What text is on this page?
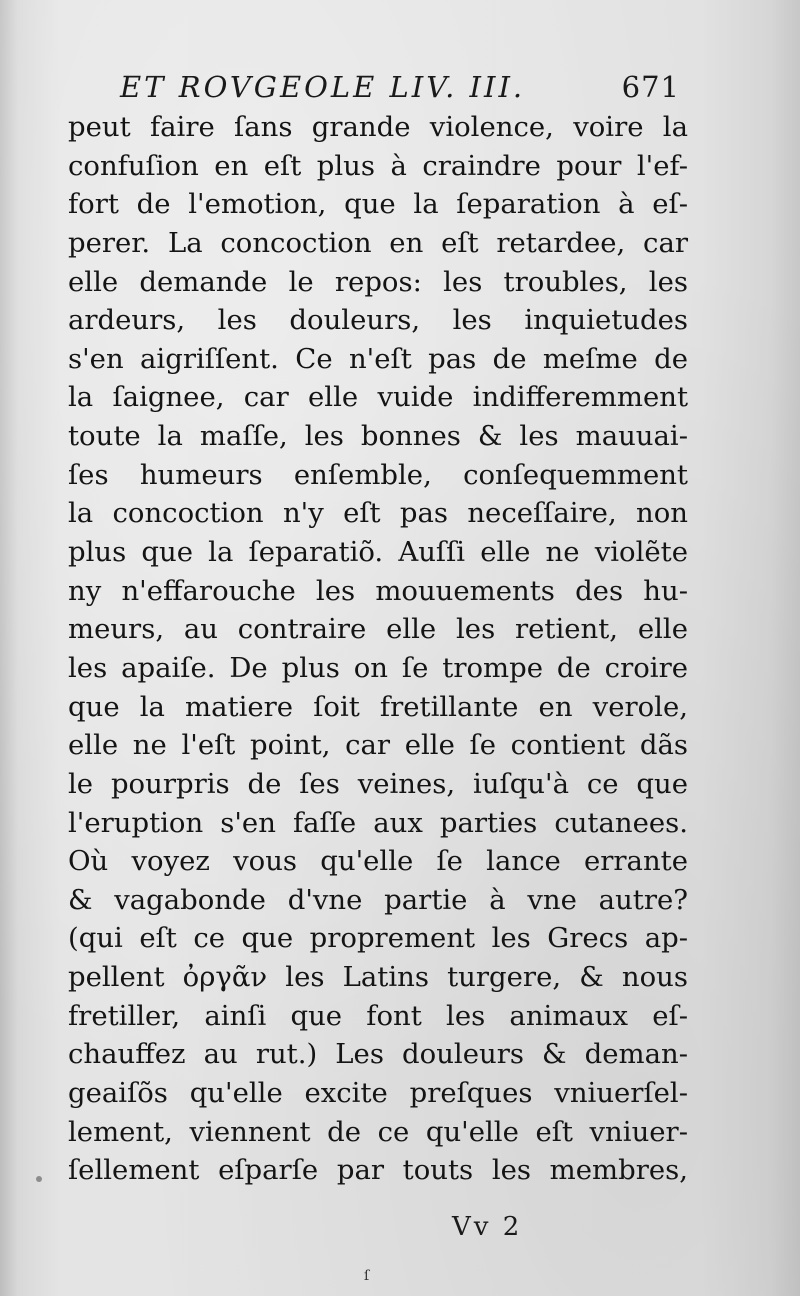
ET ROVGEOLE LIV. III.	671
peut faire ſans grande violence, voire la
confuſion en eſt plus à craindre pour l'ef-
fort de l'emotion, que la ſeparation à eſ-
perer. La concoction en eſt retardee, car
elle demande le repos: les troubles, les
ardeurs, les douleurs, les inquietudes
s'en aigriſſent. Ce n'eſt pas de meſme de
la ſaignee, car elle vuide indifferemment
toute la maſſe, les bonnes & les mauuai-
ſes humeurs enſemble, conſequemment
la concoction n'y eſt pas neceſſaire, non
plus que la ſeparatiõ. Auſſi elle ne violẽte
ny n'effarouche les mouuements des hu-
meurs, au contraire elle les retient, elle
les apaiſe. De plus on ſe trompe de croire
que la matiere ſoit fretillante en verole,
elle ne l'eſt point, car elle ſe contient dãs
le pourpris de ſes veines, iuſqu'à ce que
l'eruption s'en faſſe aux parties cutanees.
Où voyez vous qu'elle ſe lance errante
& vagabonde d'vne partie à vne autre?
(qui eſt ce que proprement les Grecs ap-
pellent ὀργᾶν les Latins turgere, & nous
fretiller, ainſi que font les animaux eſ-
chauffez au rut.) Les douleurs & deman-
geaiſõs qu'elle excite preſques vniuerſel-
lement, viennent de ce qu'elle eſt vniuer-
ſellement eſparſe par touts les membres,
Vv 2
ſ
